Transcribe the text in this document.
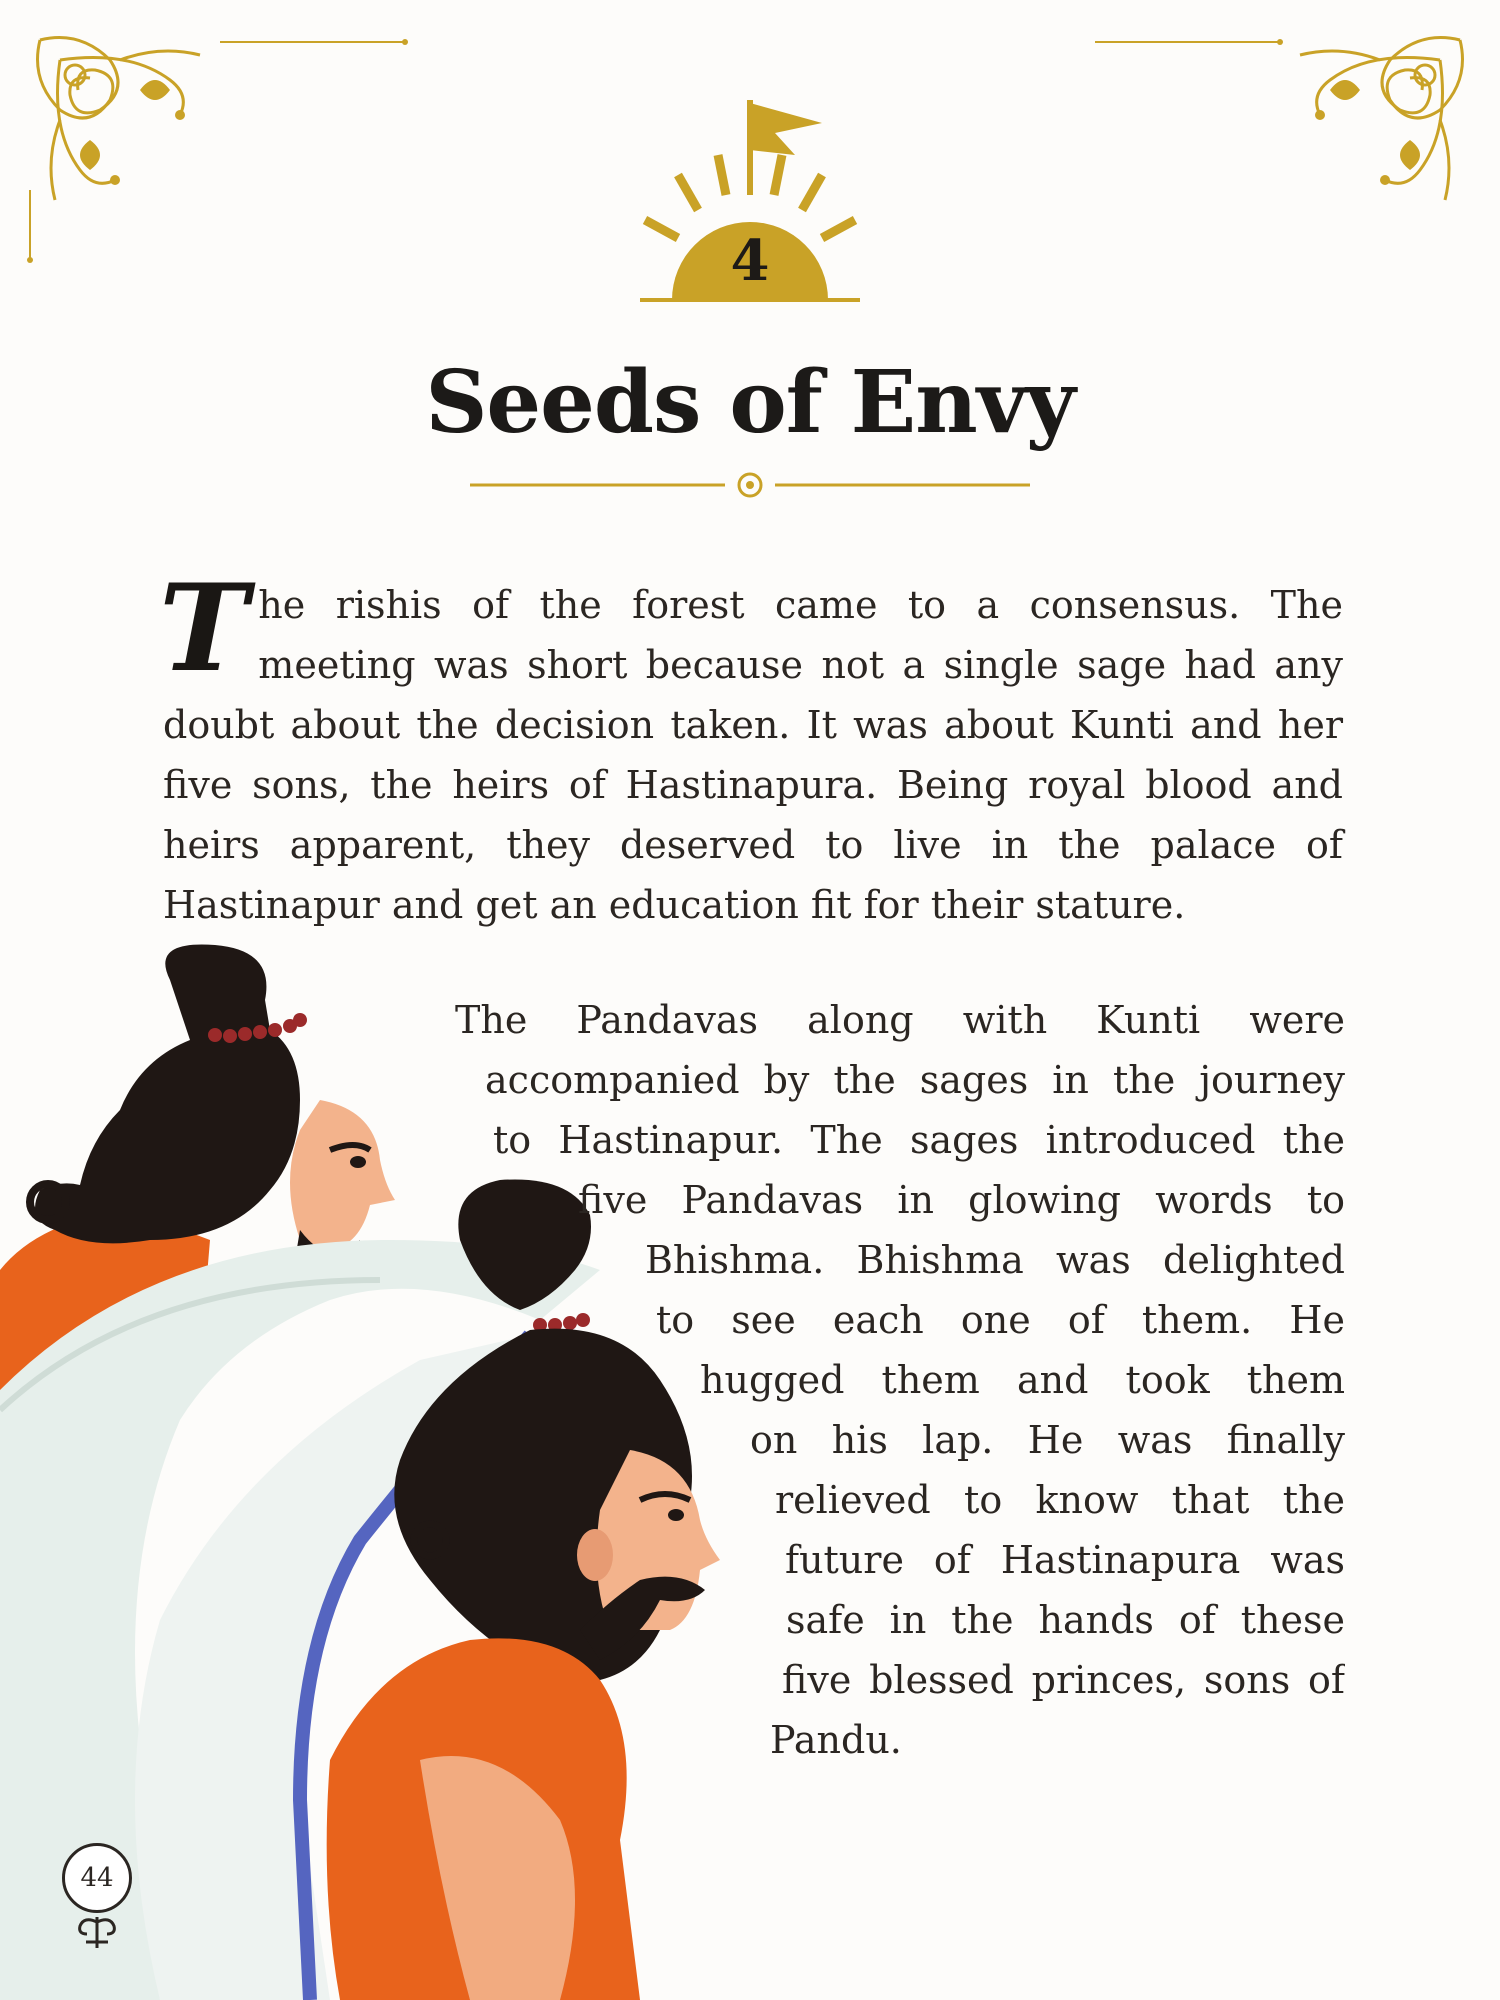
4
Seeds of Envy

The rishis of the forest came to a consensus. The meeting was short because not a single sage had any doubt about the decision taken. It was about Kunti and her five sons, the heirs of Hastinapura. Being royal blood and heirs apparent, they deserved to live in the palace of Hastinapur and get an education fit for their stature.

The Pandavas along with Kunti were
accompanied by the sages in the journey
to Hastinapur. The sages introduced the
five Pandavas in glowing words to
Bhishma. Bhishma was delighted
to see each one of them. He
hugged them and took them
on his lap. He was finally
relieved to know that the
future of Hastinapura was
safe in the hands of these
five blessed princes, sons of
Pandu.
44
